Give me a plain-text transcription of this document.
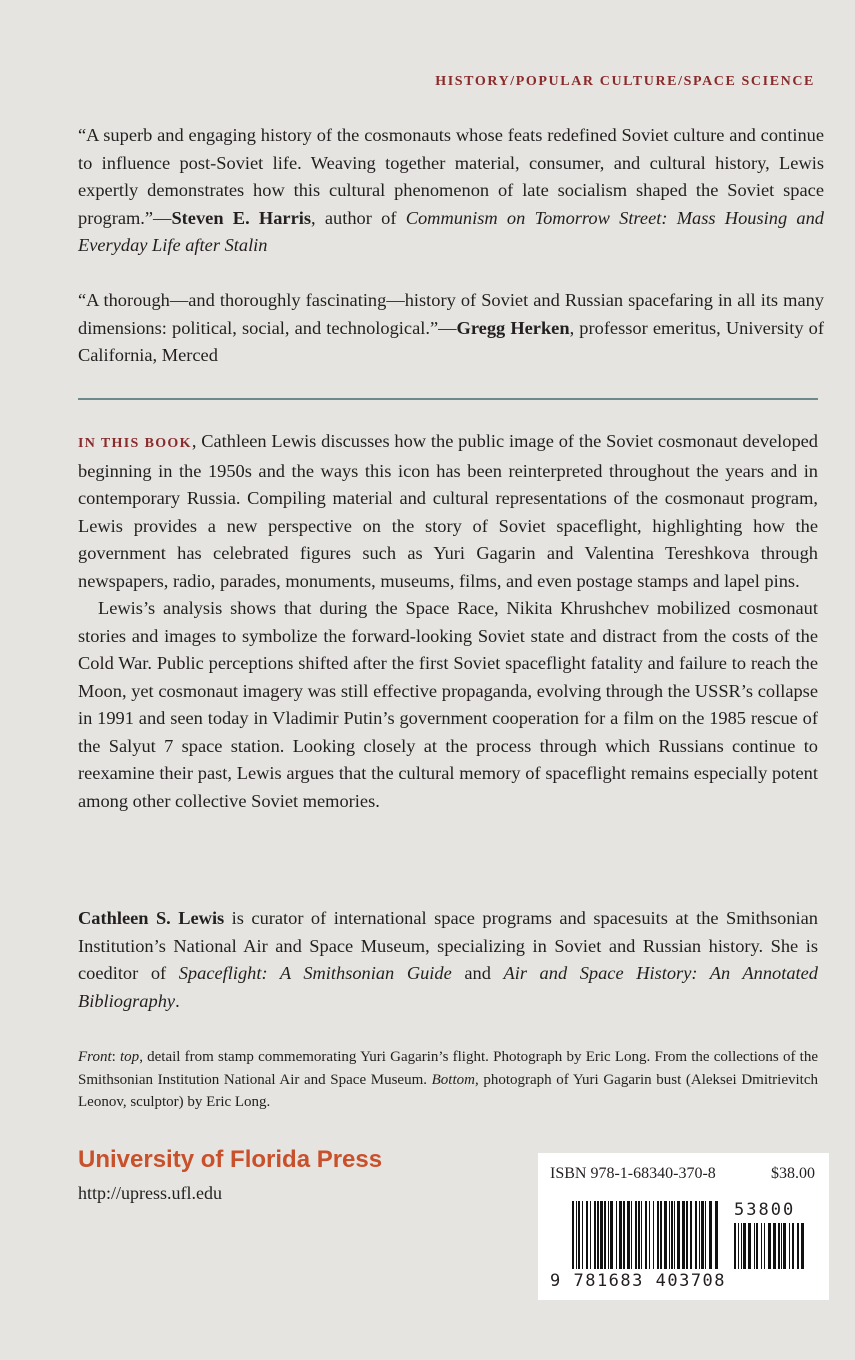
HISTORY/POPULAR CULTURE/SPACE SCIENCE
“A superb and engaging history of the cosmonauts whose feats redefined Soviet culture and continue to influence post-Soviet life. Weaving together material, consumer, and cultural history, Lewis expertly demonstrates how this cultural phenomenon of late socialism shaped the Soviet space program.”—Steven E. Harris, author of Communism on Tomorrow Street: Mass Housing and Everyday Life after Stalin
“A thorough—and thoroughly fascinating—history of Soviet and Russian spacefaring in all its many dimensions: political, social, and technological.”—Gregg Herken, professor emeritus, University of California, Merced

IN THIS BOOK, Cathleen Lewis discusses how the public image of the Soviet cosmonaut developed beginning in the 1950s and the ways this icon has been reinterpreted throughout the years and in contemporary Russia. Compiling material and cultural representations of the cosmonaut program, Lewis provides a new perspective on the story of Soviet spaceflight, highlighting how the government has celebrated figures such as Yuri Gagarin and Valentina Tereshkova through newspapers, radio, parades, monuments, museums, films, and even postage stamps and lapel pins.

Lewis’s analysis shows that during the Space Race, Nikita Khrushchev mobilized cosmonaut stories and images to symbolize the forward-looking Soviet state and distract from the costs of the Cold War. Public perceptions shifted after the first Soviet spaceflight fatality and failure to reach the Moon, yet cosmonaut imagery was still effective propaganda, evolving through the USSR’s collapse in 1991 and seen today in Vladimir Putin’s government cooperation for a film on the 1985 rescue of the Salyut 7 space station. Looking closely at the process through which Russians continue to reexamine their past, Lewis argues that the cultural memory of spaceflight remains especially potent among other collective Soviet memories.

Cathleen S. Lewis is curator of international space programs and spacesuits at the Smithsonian Institution’s National Air and Space Museum, specializing in Soviet and Russian history. She is coeditor of Spaceflight: A Smithsonian Guide and Air and Space History: An Annotated Bibliography.
Front: top, detail from stamp commemorating Yuri Gagarin’s flight. Photograph by Eric Long. From the collections of the Smithsonian Institution National Air and Space Museum. Bottom, photograph of Yuri Gagarin bust (Aleksei Dmitrievitch Leonov, sculptor) by Eric Long.
University of Florida Press
http://upress.ufl.edu
ISBN 978-1-68340-370-8	$38.00
53800
9 781683 403708
